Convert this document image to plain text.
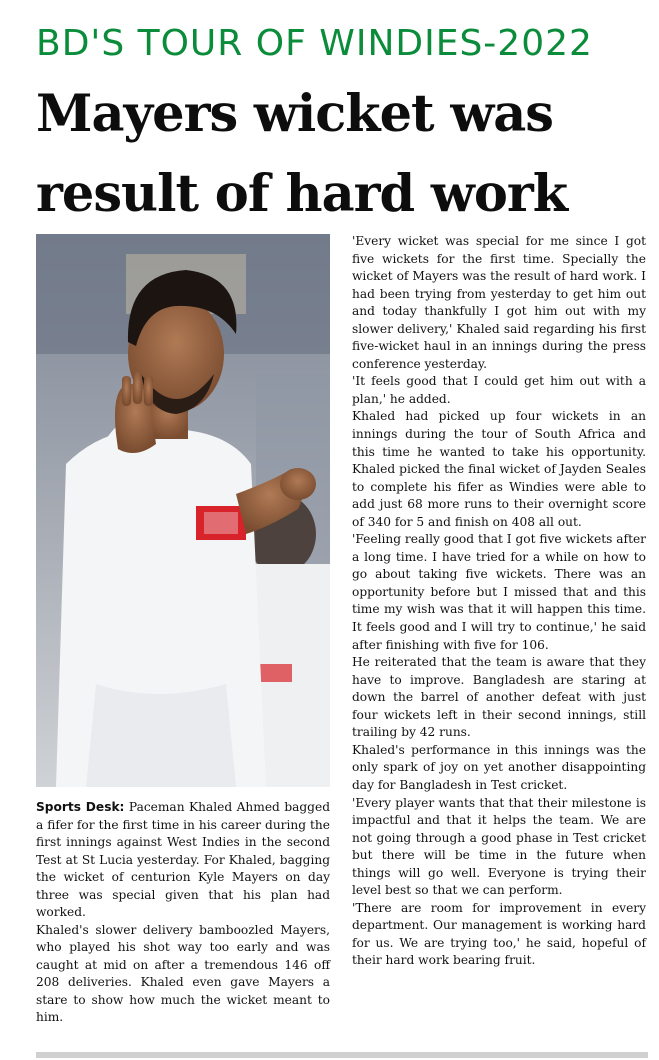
BD'S TOUR OF WINDIES-2022
Mayers wicket was
result of hard work

Sports Desk: Paceman Khaled Ahmed bagged a fifer for the first time in his career during the first innings against West Indies in the second Test at St Lucia yesterday. For Khaled, bagging the wicket of centurion Kyle Mayers on day three was special given that his plan had worked.

Khaled's slower delivery bamboozled Mayers, who played his shot way too early and was caught at mid on after a tremendous 146 off 208 deliveries. Khaled even gave Mayers a stare to show how much the wicket meant to him.

'Every wicket was special for me since I got five wickets for the first time. Specially the wicket of Mayers was the result of hard work. I had been trying from yesterday to get him out and today thankfully I got him out with my slower delivery,' Khaled said regarding his first five-wicket haul in an innings during the press conference yesterday.

'It feels good that I could get him out with a plan,' he added.

Khaled had picked up four wickets in an innings during the tour of South Africa and this time he wanted to take his opportunity. Khaled picked the final wicket of Jayden Seales to complete his fifer as Windies were able to add just 68 more runs to their overnight score of 340 for 5 and finish on 408 all out.

'Feeling really good that I got five wickets after a long time. I have tried for a while on how to go about taking five wickets. There was an opportunity before but I missed that and this time my wish was that it will happen this time. It feels good and I will try to continue,' he said after finishing with five for 106.

He reiterated that the team is aware that they have to improve. Bangladesh are staring at down the barrel of another defeat with just four wickets left in their second innings, still trailing by 42 runs.

Khaled's performance in this innings was the only spark of joy on yet another disappointing day for Bangladesh in Test cricket.

'Every player wants that that their milestone is impactful and that it helps the team. We are not going through a good phase in Test cricket but there will be time in the future when things will go well. Everyone is trying their level best so that we can perform.

'There are room for improvement in every department. Our management is working hard for us. We are trying too,' he said, hopeful of their hard work bearing fruit.
